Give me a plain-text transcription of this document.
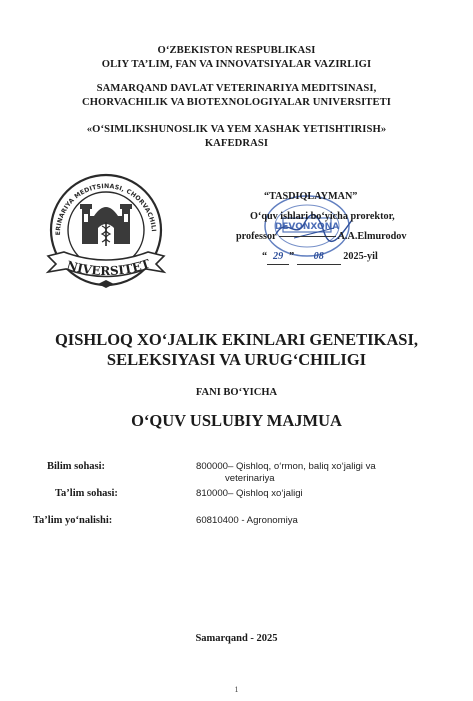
O‘ZBEKISTON RESPUBLIKASI
OLIY TA’LIM, FAN VA INNOVATSIYALAR VAZIRLIGI
SAMARQAND DAVLAT VETERINARIYA MEDITSINASI,
CHORVACHILIK VA BIOTEXNOLOGIYALAR UNIVERSITETI
«O‘SIMLIKSHUNOSLIK VA YEM XASHAK YETISHTIRISH»
KAFEDRASI
ERINARIYA MEDITSINASI, CHORVACHILI
NIVERSITET
DEVONXONA
“TASDIQLAYMAN”
O‘quv ishlari bo‘yicha prorektor,
professor	A.A.Elmurodov
“ 29 ” 08 2025-yil
QISHLOQ XO‘JALIK EKINLARI GENETIKASI,
SELEKSIYASI VA URUG‘CHILIGI
FANI BO‘YICHA
O‘QUV USLUBIY MAJMUA
Bilim sohasi:	800000– Qishloq, o‘rmon, baliq xo‘jaligi va
veterinariya
Ta’lim sohasi:	810000– Qishloq xo‘jaligi
Ta’lim yo‘nalishi:	60810400 - Agronomiya
Samarqand - 2025
1
